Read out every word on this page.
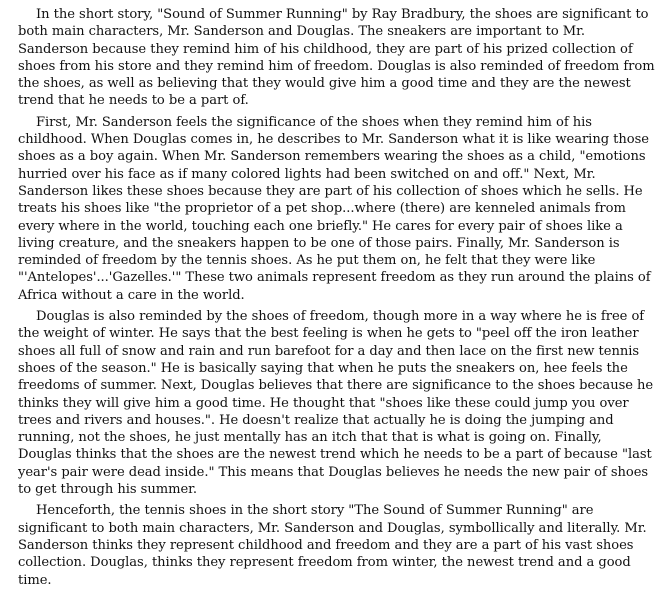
In the short story, "Sound of Summer Running" by Ray Bradbury, the shoes are significant to both main characters, Mr. Sanderson and Douglas. The sneakers are important to Mr. Sanderson because they remind him of his childhood, they are part of his prized collection of shoes from his store and they remind him of freedom. Douglas is also reminded of freedom from the shoes, as well as believing that they would give him a good time and they are the newest trend that he needs to be a part of.

First, Mr. Sanderson feels the significance of the shoes when they remind him of his childhood. When Douglas comes in, he describes to Mr. Sanderson what it is like wearing those shoes as a boy again. When Mr. Sanderson remembers wearing the shoes as a child, "emotions hurried over his face as if many colored lights had been switched on and off." Next, Mr. Sanderson likes these shoes because they are part of his collection of shoes which he sells. He treats his shoes like "the proprietor of a pet shop...where (there) are kenneled animals from every where in the world, touching each one briefly." He cares for every pair of shoes like a living creature, and the sneakers happen to be one of those pairs. Finally, Mr. Sanderson is reminded of freedom by the tennis shoes. As he put them on, he felt that they were like "'Antelopes'...'Gazelles.'" These two animals represent freedom as they run around the plains of Africa without a care in the world.

Douglas is also reminded by the shoes of freedom, though more in a way where he is free of the weight of winter. He says that the best feeling is when he gets to "peel off the iron leather shoes all full of snow and rain and run barefoot for a day and then lace on the first new tennis shoes of the season." He is basically saying that when he puts the sneakers on, hee feels the freedoms of summer. Next, Douglas believes that there are significance to the shoes because he thinks they will give him a good time. He thought that "shoes like these could jump you over trees and rivers and houses.". He doesn't realize that actually he is doing the jumping and running, not the shoes, he just mentally has an itch that that is what is going on. Finally, Douglas thinks that the shoes are the newest trend which he needs to be a part of because "last year's pair were dead inside." This means that Douglas believes he needs the new pair of shoes to get through his summer.

Henceforth, the tennis shoes in the short story "The Sound of Summer Running" are significant to both main characters, Mr. Sanderson and Douglas, symbollically and literally. Mr. Sanderson thinks they represent childhood and freedom and they are a part of his vast shoes collection. Douglas, thinks they represent freedom from winter, the newest trend and a good time.
